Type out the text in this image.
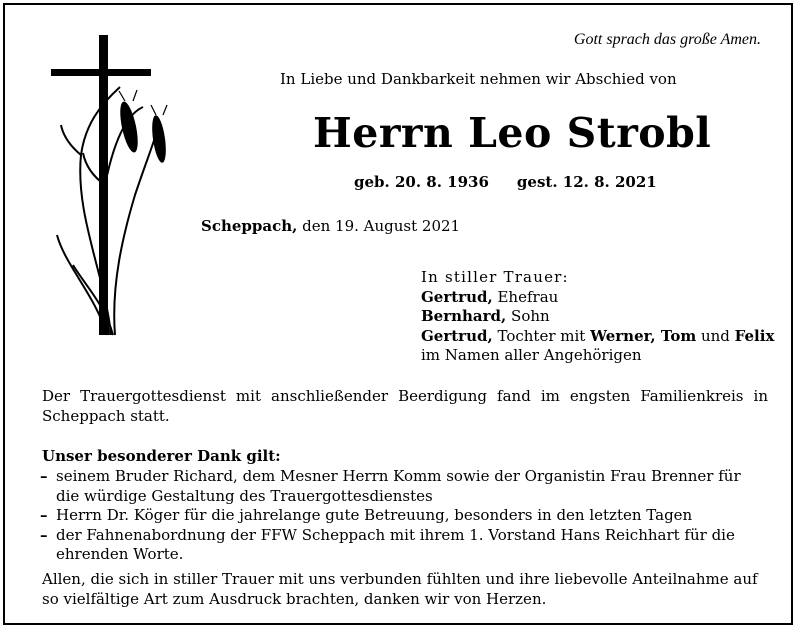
Gott sprach das große Amen.
In Liebe und Dankbarkeit nehmen wir Abschied von
Herrn Leo Strobl
geb. 20. 8. 1936 gest. 12. 8. 2021
Scheppach, den 19. August 2021
In stiller Trauer:
Gertrud, Ehefrau
Bernhard, Sohn
Gertrud, Tochter mit Werner, Tom und Felix
im Namen aller Angehörigen
Der Trauergottesdienst mit anschließender Beerdigung fand im engsten Familienkreis in Scheppach statt.
Unser besonderer Dank gilt:
– seinem Bruder Richard, dem Mesner Herrn Komm sowie der Organistin Frau Brenner für die würdige Gestaltung des Trauergottesdienstes
– Herrn Dr. Köger für die jahrelange gute Betreuung, besonders in den letzten Tagen
– der Fahnenabordnung der FFW Scheppach mit ihrem 1. Vorstand Hans Reichhart für die ehrenden Worte.
Allen, die sich in stiller Trauer mit uns verbunden fühlten und ihre liebevolle Anteilnahme auf so vielfältige Art zum Ausdruck brachten, danken wir von Herzen.
